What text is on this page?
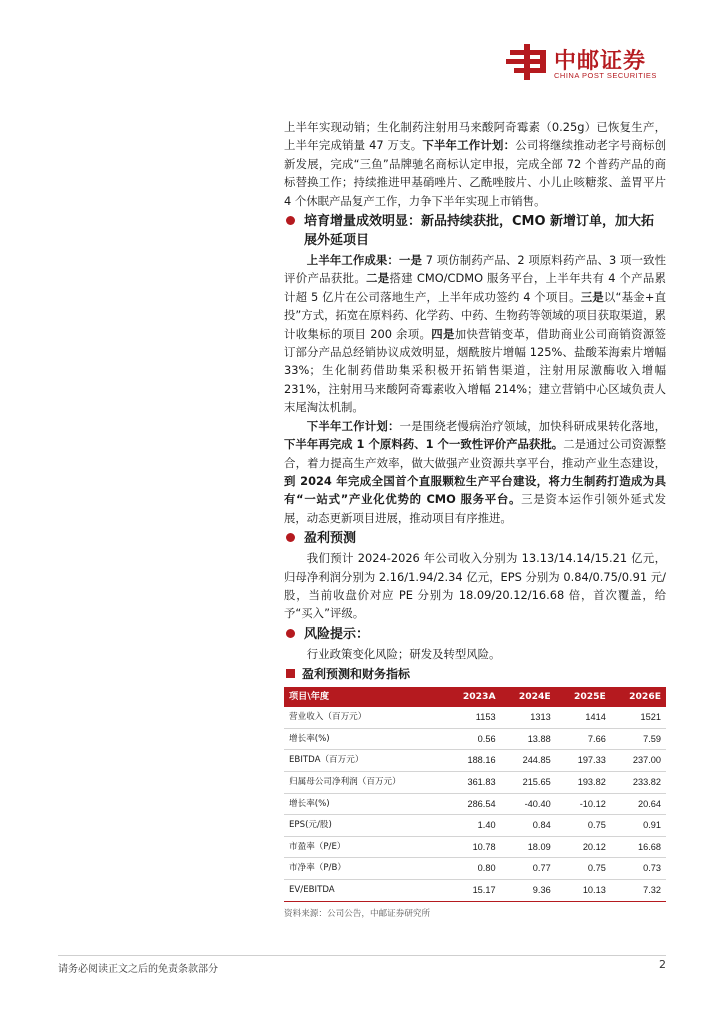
中邮证券
CHINA POST SECURITIES

上半年实现动销；生化制药注射用马来酸阿奇霉素（0.25g）已恢复生产，上半年完成销量 47 万支。下半年工作计划：公司将继续推动老字号商标创新发展，完成“三鱼”品牌驰名商标认定申报，完成全部 72 个普药产品的商标替换工作；持续推进甲基硝唑片、乙酰唑胺片、小儿止咳糖浆、盖胃平片 4 个休眠产品复产工作，力争下半年实现上市销售。

培育增量成效明显：新品持续获批，CMO 新增订单，加大拓展外延项目

上半年工作成果：一是 7 项仿制药产品、2 项原料药产品、3 项一致性评价产品获批。二是搭建 CMO/CDMO 服务平台，上半年共有 4 个产品累计超 5 亿片在公司落地生产，上半年成功签约 4 个项目。三是以“基金+直投”方式，拓宽在原料药、化学药、中药、生物药等领域的项目获取渠道，累计收集标的项目 200 余项。四是加快营销变革，借助商业公司商销资源签订部分产品总经销协议成效明显，烟酰胺片增幅 125%、盐酸苯海索片增幅 33%；生化制药借助集采积极开拓销售渠道，注射用尿激酶收入增幅 231%，注射用马来酸阿奇霉素收入增幅 214%；建立营销中心区域负责人末尾淘汰机制。

下半年工作计划：一是围绕老慢病治疗领域，加快科研成果转化落地，下半年再完成 1 个原料药、1 个一致性评价产品获批。二是通过公司资源整合，着力提高生产效率，做大做强产业资源共享平台，推动产业生态建设，到 2024 年完成全国首个直服颗粒生产平台建设，将力生制药打造成为具有“一站式”产业化优势的 CMO 服务平台。三是资本运作引领外延式发展，动态更新项目进展，推动项目有序推进。

盈利预测

我们预计 2024-2026 年公司收入分别为 13.13/14.14/15.21 亿元，归母净利润分别为 2.16/1.94/2.34 亿元，EPS 分别为 0.84/0.75/0.91 元/股，当前收盘价对应 PE 分别为 18.09/20.12/16.68 倍，首次覆盖，给予“买入”评级。

风险提示：

行业政策变化风险；研发及转型风险。

盈利预测和财务指标
项目\年度	2023A	2024E	2025E	2026E
营业收入（百万元）	1153	1313	1414	1521
增长率(%)	0.56	13.88	7.66	7.59
EBITDA（百万元）	188.16	244.85	197.33	237.00
归属母公司净利润（百万元）	361.83	215.65	193.82	233.82
增长率(%)	286.54	-40.40	-10.12	20.64
EPS(元/股)	1.40	0.84	0.75	0.91
市盈率（P/E）	10.78	18.09	20.12	16.68
市净率（P/B）	0.80	0.77	0.75	0.73
EV/EBITDA	15.17	9.36	10.13	7.32
资料来源：公司公告，中邮证券研究所
请务必阅读正文之后的免责条款部分	2
